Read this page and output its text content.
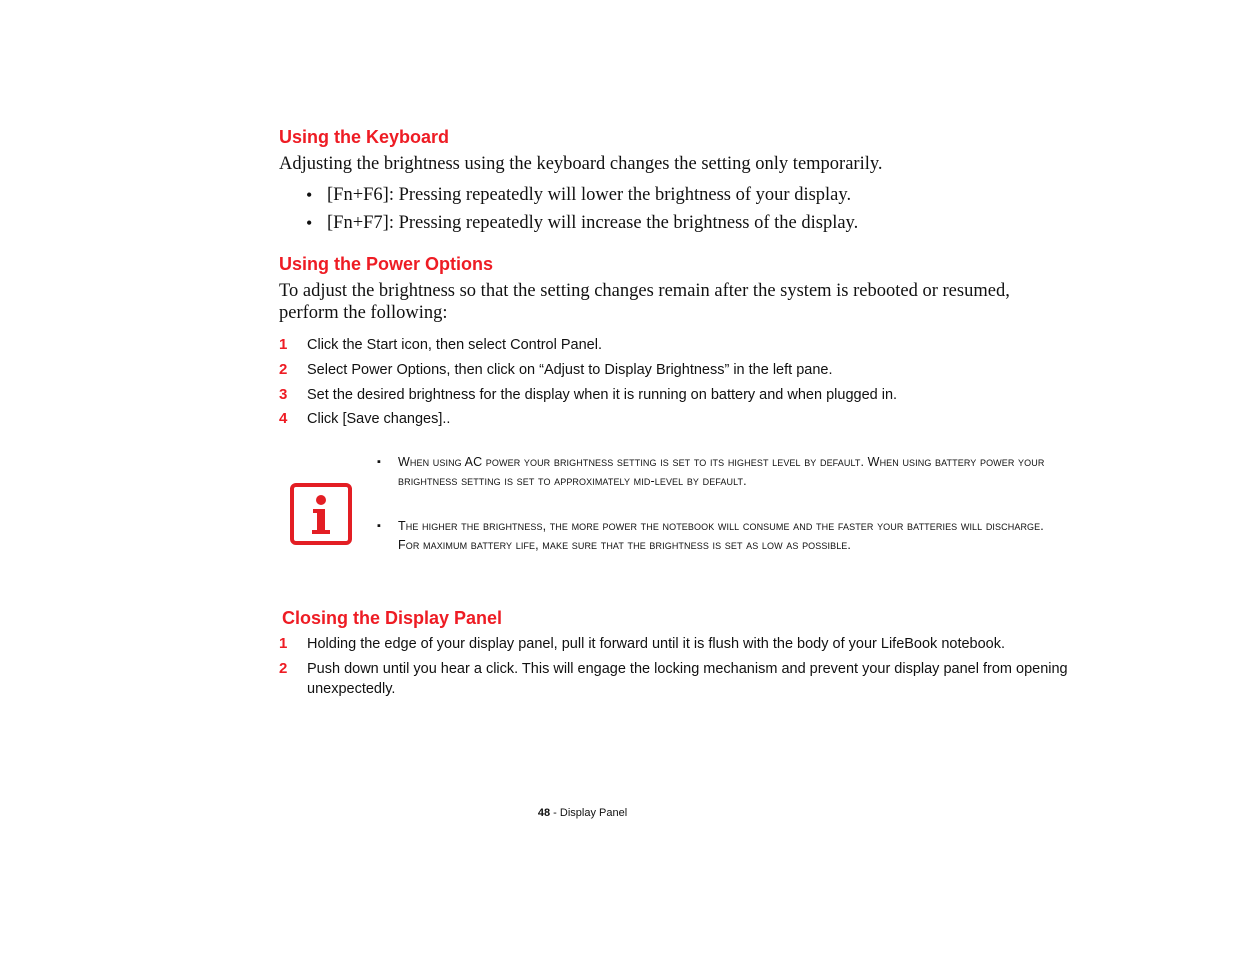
Using the Keyboard

Adjusting the brightness using the keyboard changes the setting only temporarily.

• [Fn+F6]: Pressing repeatedly will lower the brightness of your display.
• [Fn+F7]: Pressing repeatedly will increase the brightness of the display.
Using the Power Options

To adjust the brightness so that the setting changes remain after the system is rebooted or resumed, perform the following:

1 Click the Start icon, then select Control Panel.
2 Select Power Options, then click on “Adjust to Display Brightness” in the left pane.
3 Set the desired brightness for the display when it is running on battery and when plugged in.
4 Click [Save changes]..
▪ When using AC power your brightness setting is set to its highest level by default. When using battery power your brightness setting is set to approximately mid-level by default.
▪ The higher the brightness, the more power the notebook will consume and the faster your batteries will discharge. For maximum battery life, make sure that the brightness is set as low as possible.
Closing the Display Panel
1 Holding the edge of your display panel, pull it forward until it is flush with the body of your LifeBook notebook.
2 Push down until you hear a click. This will engage the locking mechanism and prevent your display panel from opening unexpectedly.
48 - Display Panel
